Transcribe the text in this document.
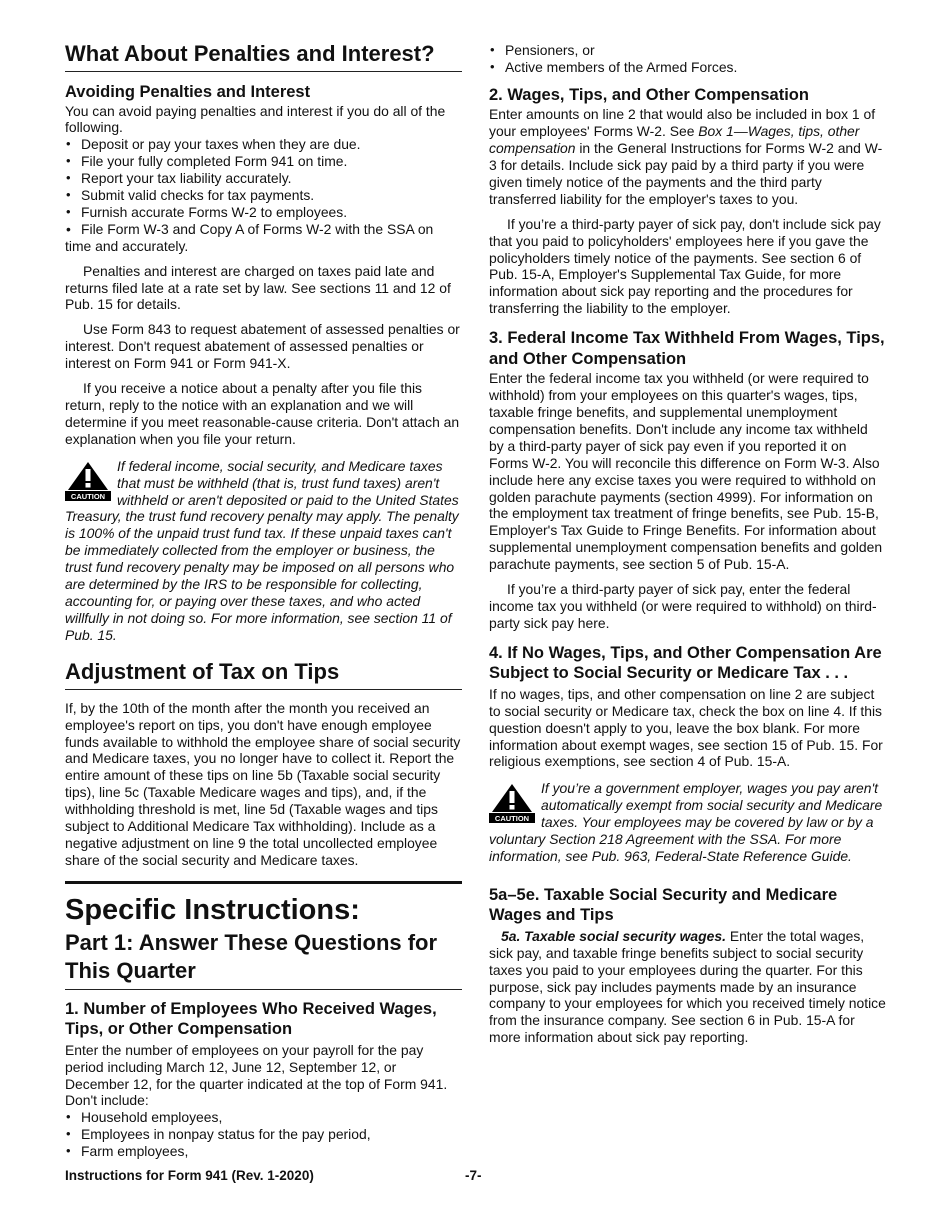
What About Penalties and Interest?
Avoiding Penalties and Interest

You can avoid paying penalties and interest if you do all of the following.

• Deposit or pay your taxes when they are due.
• File your fully completed Form 941 on time.
• Report your tax liability accurately.
• Submit valid checks for tax payments.
• Furnish accurate Forms W-2 to employees.

• File Form W-3 and Copy A of Forms W-2 with the SSA on time and accurately.

Penalties and interest are charged on taxes paid late and returns filed late at a rate set by law. See sections 11 and 12 of Pub. 15 for details.

Use Form 843 to request abatement of assessed penalties or interest. Don't request abatement of assessed penalties or interest on Form 941 or Form 941-X.

If you receive a notice about a penalty after you file this return, reply to the notice with an explanation and we will determine if you meet reasonable-cause criteria. Don't attach an explanation when you file your return.

CAUTION

If federal income, social security, and Medicare taxes that must be withheld (that is, trust fund taxes) aren't withheld or aren't deposited or paid to the United States Treasury, the trust fund recovery penalty may apply. The penalty is 100% of the unpaid trust fund tax. If these unpaid taxes can't be immediately collected from the employer or business, the trust fund recovery penalty may be imposed on all persons who are determined by the IRS to be responsible for collecting, accounting for, or paying over these taxes, and who acted willfully in not doing so. For more information, see section 11 of Pub. 15.

Adjustment of Tax on Tips

If, by the 10th of the month after the month you received an employee's report on tips, you don't have enough employee funds available to withhold the employee share of social security and Medicare taxes, you no longer have to collect it. Report the entire amount of these tips on line 5b (Taxable social security tips), line 5c (Taxable Medicare wages and tips), and, if the withholding threshold is met, line 5d (Taxable wages and tips subject to Additional Medicare Tax withholding). Include as a negative adjustment on line 9 the total uncollected employee share of the social security and Medicare taxes.

Specific Instructions:
Part 1: Answer These Questions for This Quarter
1. Number of Employees Who Received Wages, Tips, or Other Compensation

Enter the number of employees on your payroll for the pay period including March 12, June 12, September 12, or December 12, for the quarter indicated at the top of Form 941. Don't include:

• Household employees,
• Employees in nonpay status for the pay period,
• Farm employees,
• Pensioners, or
• Active members of the Armed Forces.
2. Wages, Tips, and Other Compensation

Enter amounts on line 2 that would also be included in box 1 of your employees' Forms W-2. See Box 1—Wages, tips, other compensation in the General Instructions for Forms W-2 and W-3 for details. Include sick pay paid by a third party if you were given timely notice of the payments and the third party transferred liability for the employer's taxes to you.

If you’re a third-party payer of sick pay, don't include sick pay that you paid to policyholders' employees here if you gave the policyholders timely notice of the payments. See section 6 of Pub. 15-A, Employer's Supplemental Tax Guide, for more information about sick pay reporting and the procedures for transferring the liability to the employer.

3. Federal Income Tax Withheld From Wages, Tips, and Other Compensation

Enter the federal income tax you withheld (or were required to withhold) from your employees on this quarter's wages, tips, taxable fringe benefits, and supplemental unemployment compensation benefits. Don't include any income tax withheld by a third-party payer of sick pay even if you reported it on Forms W-2. You will reconcile this difference on Form W-3. Also include here any excise taxes you were required to withhold on golden parachute payments (section 4999). For information on the employment tax treatment of fringe benefits, see Pub. 15-B, Employer's Tax Guide to Fringe Benefits. For information about supplemental unemployment compensation benefits and golden parachute payments, see section 5 of Pub. 15-A.

If you’re a third-party payer of sick pay, enter the federal income tax you withheld (or were required to withhold) on third-party sick pay here.

4. If No Wages, Tips, and Other Compensation Are Subject to Social Security or Medicare Tax . . .

If no wages, tips, and other compensation on line 2 are subject to social security or Medicare tax, check the box on line 4. If this question doesn't apply to you, leave the box blank. For more information about exempt wages, see section 15 of Pub. 15. For religious exemptions, see section 4 of Pub. 15-A.

CAUTION

If you’re a government employer, wages you pay aren't automatically exempt from social security and Medicare taxes. Your employees may be covered by law or by a voluntary Section 218 Agreement with the SSA. For more information, see Pub. 963, Federal-State Reference Guide.

5a–5e. Taxable Social Security and Medicare Wages and Tips

5a. Taxable social security wages. Enter the total wages, sick pay, and taxable fringe benefits subject to social security taxes you paid to your employees during the quarter. For this purpose, sick pay includes payments made by an insurance company to your employees for which you received timely notice from the insurance company. See section 6 in Pub. 15-A for more information about sick pay reporting.

Instructions for Form 941 (Rev. 1-2020)	-7-
